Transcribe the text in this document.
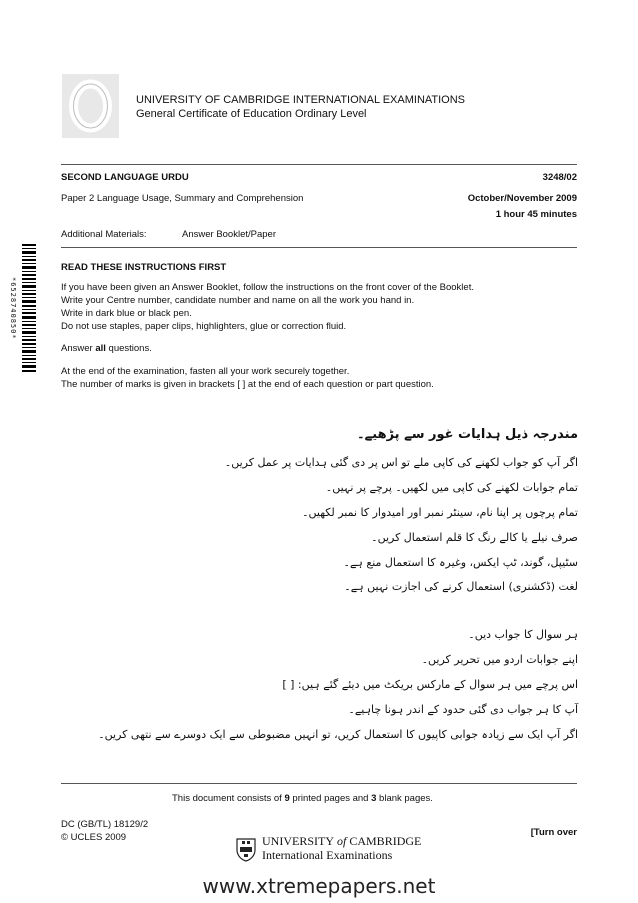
UNIVERSITY OF CAMBRIDGE INTERNATIONAL EXAMINATIONS
General Certificate of Education Ordinary Level
SECOND LANGUAGE URDU	3248/02
Paper 2 Language Usage, Summary and Comprehension	October/November 2009
1 hour 45 minutes
Additional Materials:	Answer Booklet/Paper
*6528740850*
READ THESE INSTRUCTIONS FIRST
If you have been given an Answer Booklet, follow the instructions on the front cover of the Booklet.
Write your Centre number, candidate number and name on all the work you hand in.
Write in dark blue or black pen.
Do not use staples, paper clips, highlighters, glue or correction fluid.
Answer all questions.
At the end of the examination, fasten all your work securely together.
The number of marks is given in brackets [ ] at the end of each question or part question.
مندرجہ ذیل ہدایات غور سے پڑھیے۔
اگر آپ کو جواب لکھنے کی کاپی ملے تو اس پر دی گئی ہدایات پر عمل کریں۔
تمام جوابات لکھنے کی کاپی میں لکھیں۔ پرچے پر نہیں۔
تمام پرچوں پر اپنا نام، سینٹر نمبر اور امیدوار کا نمبر لکھیں۔
صرف نیلے یا کالے رنگ کا قلم استعمال کریں۔
سٹیپل، گوند، ٹپ ایکس، وغیرہ کا استعمال منع ہے۔
لغت (ڈکشنری) استعمال کرنے کی اجازت نہیں ہے۔
ہر سوال کا جواب دیں۔
اپنے جوابات اردو میں تحریر کریں۔
اس پرچے میں ہر سوال کے مارکس بریکٹ میں دیئے گئے ہیں: [ ]
آپ کا ہر جواب دی گئی حدود کے اندر ہونا چاہیے۔
اگر آپ ایک سے زیادہ جوابی کاپیوں کا استعمال کریں، تو انہیں مضبوطی سے ایک دوسرے سے نتھی کریں۔
This document consists of 9 printed pages and 3 blank pages.
DC (GB/TL) 18129/2
© UCLES 2009	UNIVERSITY of CAMBRIDGE
International Examinations
[Turn over
www.xtremepapers.net
